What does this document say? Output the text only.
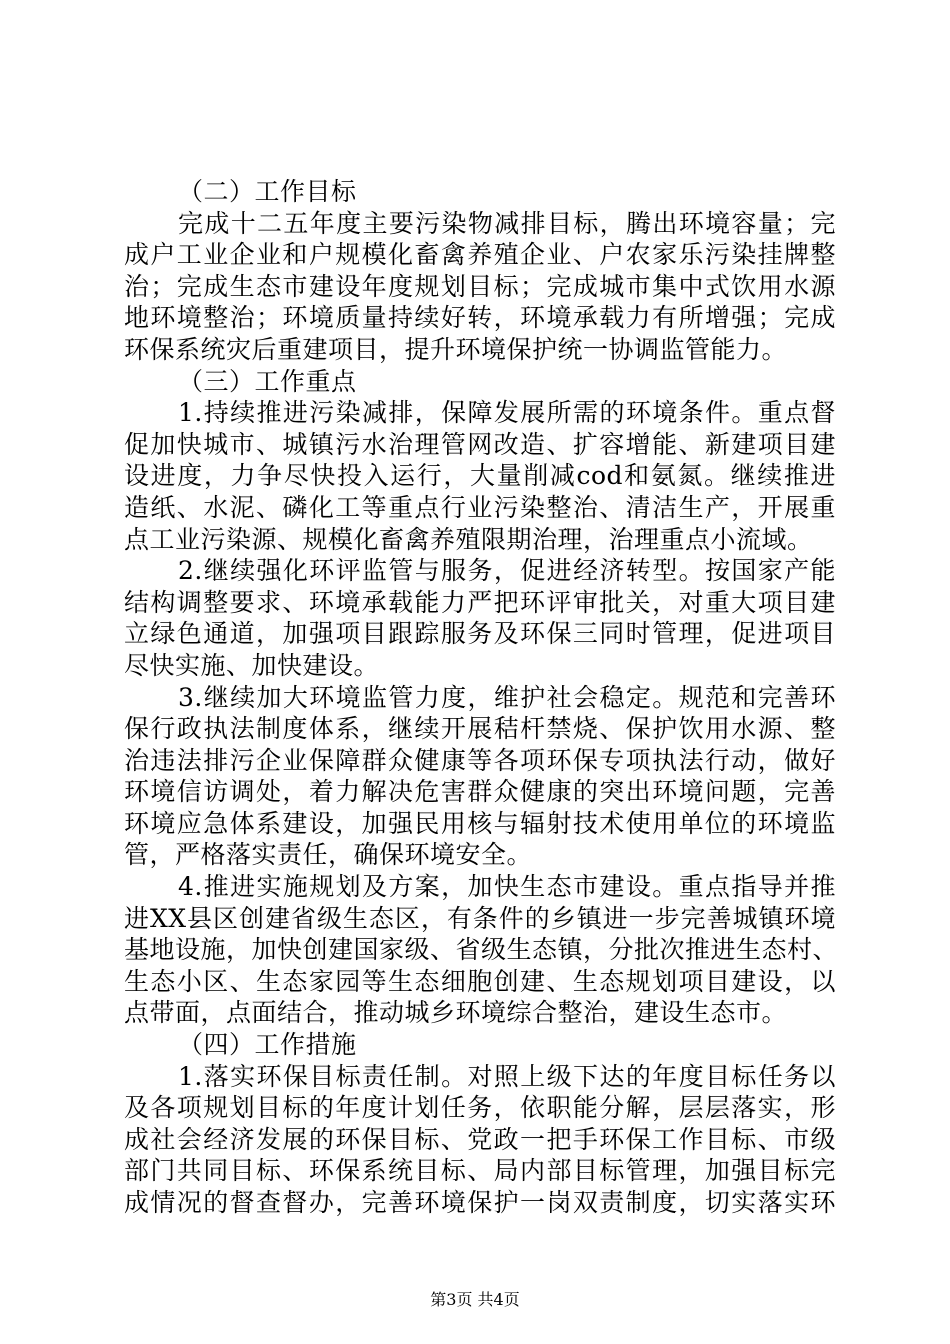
（二）工作目标
完成十二五年度主要污染物减排目标，腾出环境容量；完
成户工业企业和户规模化畜禽养殖企业、户农家乐污染挂牌整
治；完成生态市建设年度规划目标；完成城市集中式饮用水源
地环境整治；环境质量持续好转，环境承载力有所增强；完成
环保系统灾后重建项目，提升环境保护统一协调监管能力。
（三）工作重点
1.持续推进污染减排，保障发展所需的环境条件。重点督
促加快城市、城镇污水治理管网改造、扩容增能、新建项目建
设进度，力争尽快投入运行，大量削减cod和氨氮。继续推进
造纸、水泥、磷化工等重点行业污染整治、清洁生产，开展重
点工业污染源、规模化畜禽养殖限期治理，治理重点小流域。
2.继续强化环评监管与服务，促进经济转型。按国家产能
结构调整要求、环境承载能力严把环评审批关，对重大项目建
立绿色通道，加强项目跟踪服务及环保三同时管理，促进项目
尽快实施、加快建设。
3.继续加大环境监管力度，维护社会稳定。规范和完善环
保行政执法制度体系，继续开展秸杆禁烧、保护饮用水源、整
治违法排污企业保障群众健康等各项环保专项执法行动，做好
环境信访调处，着力解决危害群众健康的突出环境问题，完善
环境应急体系建设，加强民用核与辐射技术使用单位的环境监
管，严格落实责任，确保环境安全。
4.推进实施规划及方案，加快生态市建设。重点指导并推
进XX县区创建省级生态区，有条件的乡镇进一步完善城镇环境
基地设施，加快创建国家级、省级生态镇，分批次推进生态村、
生态小区、生态家园等生态细胞创建、生态规划项目建设，以
点带面，点面结合，推动城乡环境综合整治，建设生态市。
（四）工作措施
1.落实环保目标责任制。对照上级下达的年度目标任务以
及各项规划目标的年度计划任务，依职能分解，层层落实，形
成社会经济发展的环保目标、党政一把手环保工作目标、市级
部门共同目标、环保系统目标、局内部目标管理，加强目标完
成情况的督查督办，完善环境保护一岗双责制度，切实落实环
第3页 共4页
